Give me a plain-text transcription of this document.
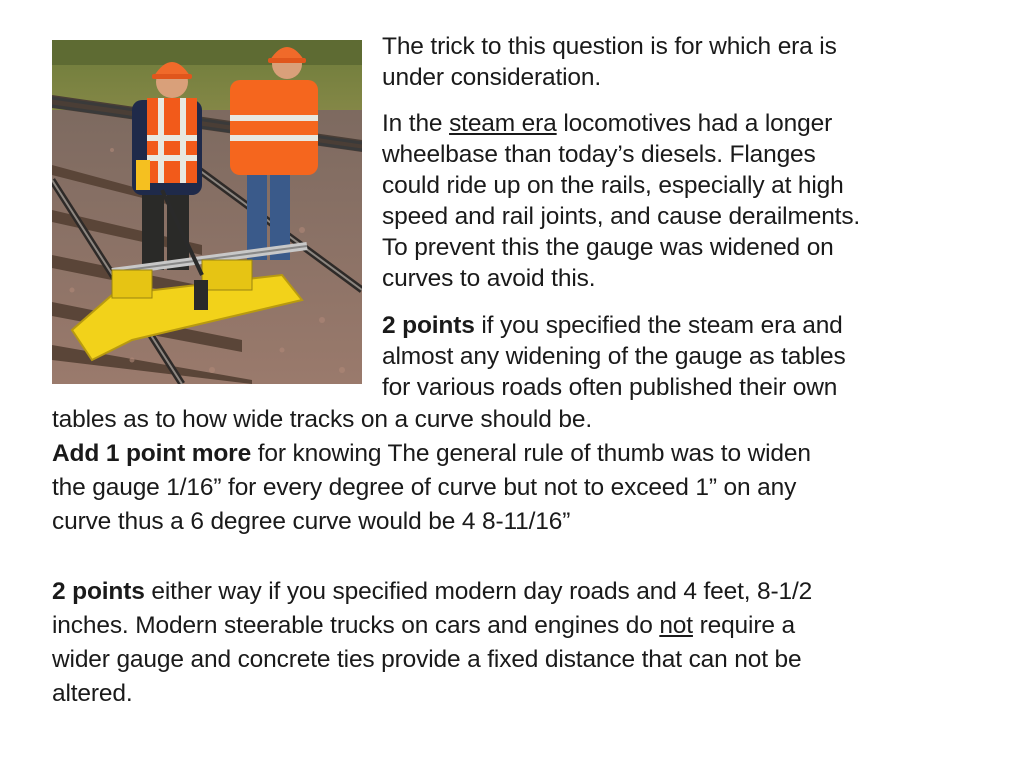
The trick to this question is for which era is

under consideration.

In the steam era locomotives had a longer

wheelbase than today’s diesels. Flanges

could ride up on the rails, especially at high

speed and rail joints, and cause derailments.

To prevent this the gauge was widened on

curves to avoid this.

2 points if you specified the steam era and

almost any widening of the gauge as tables

for various roads often published their own

tables as to how wide tracks on a curve should be.

Add 1 point more for knowing The general rule of thumb was to widen

the gauge 1/16” for every degree of curve but not to exceed 1” on any

curve thus a 6 degree curve would be 4 8-11/16”

2 points either way if you specified modern day roads and 4 feet, 8-1/2

inches. Modern steerable trucks on cars and engines do not require a

wider gauge and concrete ties provide a fixed distance that can not be

altered.
